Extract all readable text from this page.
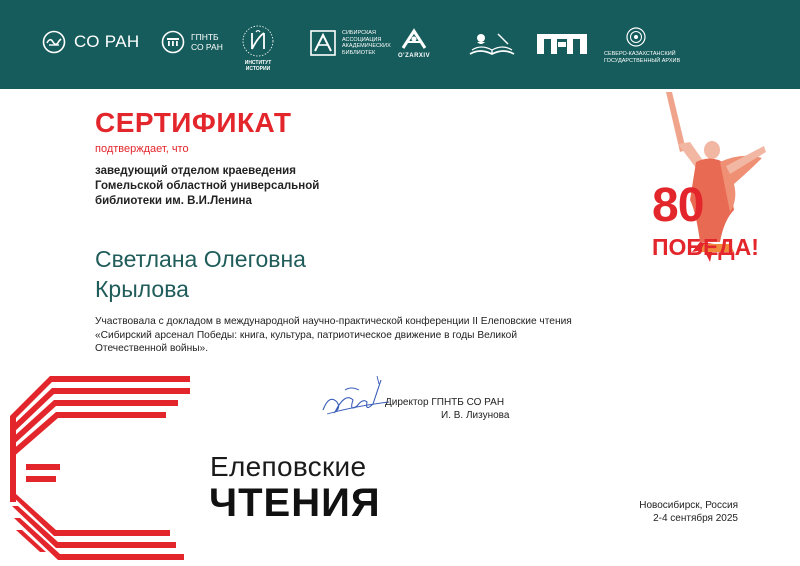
СО РАН	ГПНТБ
СО РАН
ИНСТИТУТ
ИСТОРИИ
СИБИРСКАЯ АССОЦИАЦИЯ АКАДЕМИЧЕСКИХ БИБЛИОТЕК
O'ZARXIV	СЕВЕРО-КАЗАХСТАНСКИЙ ГОСУДАРСТВЕННЫЙ АРХИВ
80
ПОБЕДА!
СЕРТИФИКАТ
подтверждает, что
заведующий отделом краеведения
Гомельской областной универсальной
библиотеки им. В.И.Ленина
Светлана Олеговна
Крылова
Участвовала с докладом в международной научно-практической конференции II Елеповские чтения
«Сибирский арсенал Победы: книга, культура, патриотическое движение в годы Великой
Отечественной войны».
Директор ГПНТБ СО РАН
И. В. Лизунова
Елеповские
ЧТЕНИЯ	Новосибирск, Россия
2-4 сентября 2025
